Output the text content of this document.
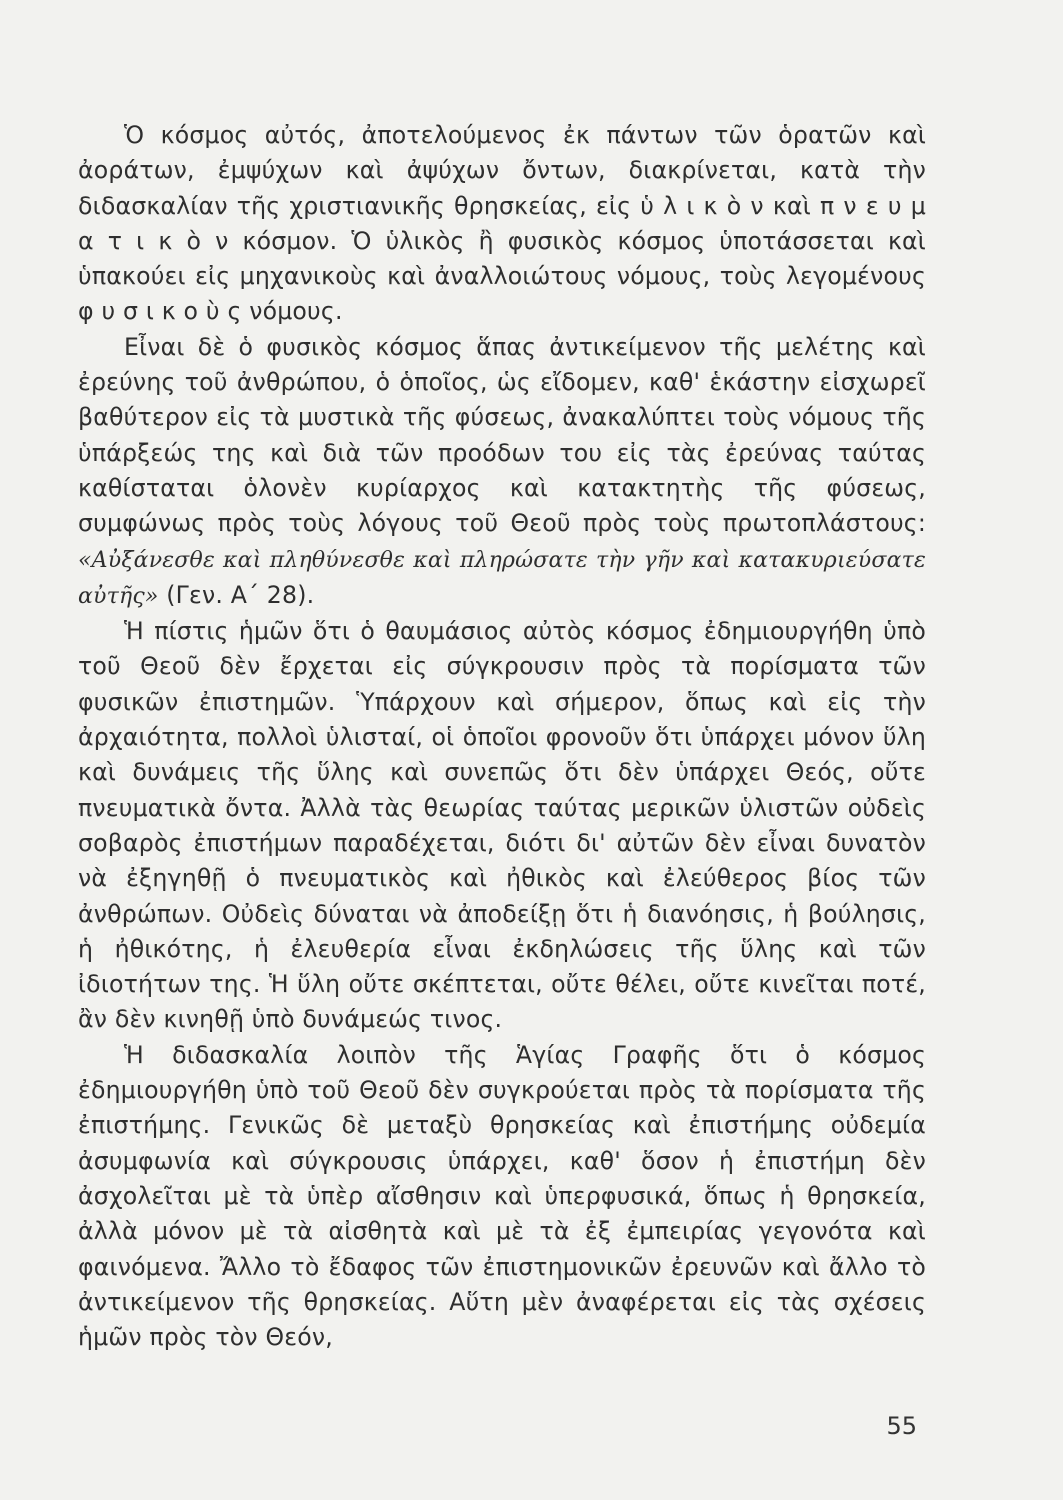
Ὁ κόσμος αὐτός, ἀποτελούμενος ἐκ πάντων τῶν ὁρατῶν καὶ ἀοράτων, ἐμψύχων καὶ ἀψύχων ὄντων, διακρίνεται, κατὰ τὴν διδασκαλίαν τῆς χριστιανικῆς θρησκείας, εἰς ὑ λ ι κ ὸ ν καὶ π ν ε υ μ α τ ι κ ὸ ν κόσμον. Ὁ ὑλικὸς ἢ φυσικὸς κόσμος ὑποτάσσεται καὶ ὑπακούει εἰς μηχανικοὺς καὶ ἀναλλοιώτους νόμους, τοὺς λεγομένους φ υ σ ι κ ο ὺ ς νόμους.

Εἶναι δὲ ὁ φυσικὸς κόσμος ἅπας ἀντικείμενον τῆς μελέτης καὶ ἐρεύνης τοῦ ἀνθρώπου, ὁ ὁποῖος, ὡς εἴδομεν, καθ' ἑκάστην εἰσχωρεῖ βαθύτερον εἰς τὰ μυστικὰ τῆς φύσεως, ἀνακαλύπτει τοὺς νόμους τῆς ὑπάρξεώς της καὶ διὰ τῶν προόδων του εἰς τὰς ἐρεύνας ταύτας καθίσταται ὁλονὲν κυρίαρχος καὶ κατακτητὴς τῆς φύσεως, συμφώνως πρὸς τοὺς λόγους τοῦ Θεοῦ πρὸς τοὺς πρωτοπλάστους: «Αὐξάνεσθε καὶ πληθύνεσθε καὶ πληρώσατε τὴν γῆν καὶ κατακυριεύσατε αὐτῆς» (Γεν. Α΄ 28).

Ἡ πίστις ἡμῶν ὅτι ὁ θαυμάσιος αὐτὸς κόσμος ἐδημιουργήθη ὑπὸ τοῦ Θεοῦ δὲν ἔρχεται εἰς σύγκρουσιν πρὸς τὰ πορίσματα τῶν φυσικῶν ἐπιστημῶν. Ὑπάρχουν καὶ σήμερον, ὅπως καὶ εἰς τὴν ἀρχαιότητα, πολλοὶ ὑλισταί, οἱ ὁποῖοι φρονοῦν ὅτι ὑπάρχει μόνον ὕλη καὶ δυνάμεις τῆς ὕλης καὶ συνεπῶς ὅτι δὲν ὑπάρχει Θεός, οὔτε πνευματικὰ ὄντα. Ἀλλὰ τὰς θεωρίας ταύτας μερικῶν ὑλιστῶν οὐδεὶς σοβαρὸς ἐπιστήμων παραδέχεται, διότι δι' αὐτῶν δὲν εἶναι δυνατὸν νὰ ἐξηγηθῇ ὁ πνευματικὸς καὶ ἠθικὸς καὶ ἐλεύθερος βίος τῶν ἀνθρώπων. Οὐδεὶς δύναται νὰ ἀποδείξῃ ὅτι ἡ διανόησις, ἡ βούλησις, ἡ ἠθικότης, ἡ ἐλευθερία εἶναι ἐκδηλώσεις τῆς ὕλης καὶ τῶν ἰδιοτήτων της. Ἡ ὕλη οὔτε σκέπτεται, οὔτε θέλει, οὔτε κινεῖται ποτέ, ἂν δὲν κινηθῇ ὑπὸ δυνάμεώς τινος.

Ἡ διδασκαλία λοιπὸν τῆς Ἁγίας Γραφῆς ὅτι ὁ κόσμος ἐδημιουργήθη ὑπὸ τοῦ Θεοῦ δὲν συγκρούεται πρὸς τὰ πορίσματα τῆς ἐπιστήμης. Γενικῶς δὲ μεταξὺ θρησκείας καὶ ἐπιστήμης οὐδεμία ἀσυμφωνία καὶ σύγκρουσις ὑπάρχει, καθ' ὅσον ἡ ἐπιστήμη δὲν ἀσχολεῖται μὲ τὰ ὑπὲρ αἴσθησιν καὶ ὑπερφυσικά, ὅπως ἡ θρησκεία, ἀλλὰ μόνον μὲ τὰ αἰσθητὰ καὶ μὲ τὰ ἐξ ἐμπειρίας γεγονότα καὶ φαινόμενα. Ἄλλο τὸ ἔδαφος τῶν ἐπιστημονικῶν ἐρευνῶν καὶ ἄλλο τὸ ἀντικείμενον τῆς θρησκείας. Αὕτη μὲν ἀναφέρεται εἰς τὰς σχέσεις ἡμῶν πρὸς τὸν Θεόν,

55
